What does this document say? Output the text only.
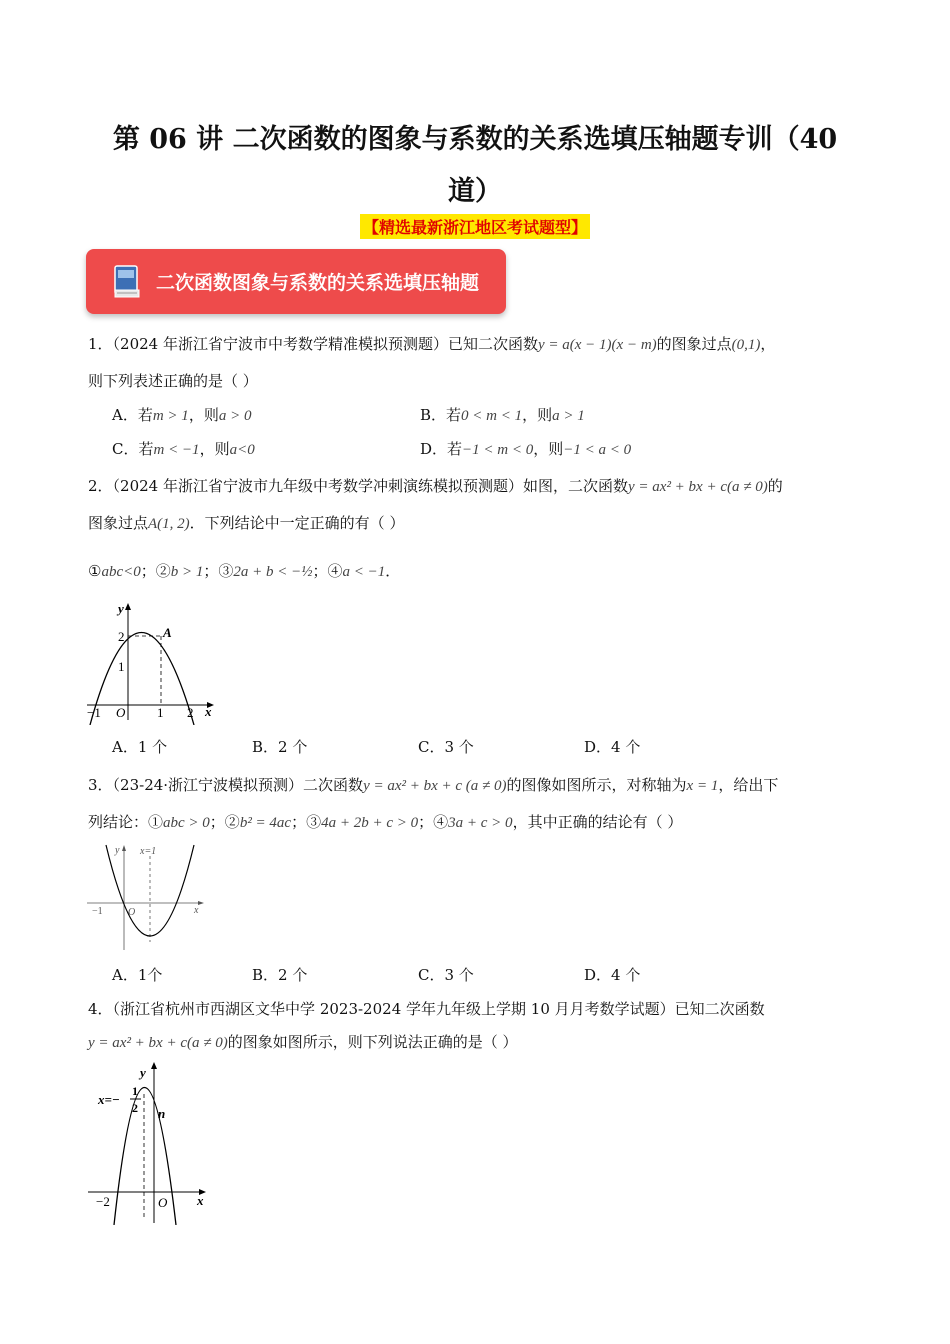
第 06 讲 二次函数的图象与系数的关系选填压轴题专训（40
道）
【精选最新浙江地区考试题型】
二次函数图象与系数的关系选填压轴题
1．（2024 年浙江省宁波市中考数学精准模拟预测题）已知二次函数y = a(x − 1)(x − m)的图象过点(0,1)，
则下列表述正确的是（ ）
A．若m > 1，则a > 0	B．若0 < m < 1，则a > 1
C．若m < −1，则a<0	D．若−1 < m < 0，则−1 < a < 0
2．（2024 年浙江省宁波市九年级中考数学冲刺演练模拟预测题）如图，二次函数y = ax² + bx + c(a ≠ 0)的
图象过点A(1, 2)．下列结论中一定正确的有（ ）
①abc<0；②b > 1；③2a + b < −½；④a < −1．
y
x
O
A
2
1
−1	1 2
A．1 个	B．2 个	C．3 个	D．4 个
3．（23-24·浙江宁波模拟预测）二次函数y = ax² + bx + c (a ≠ 0)的图像如图所示，对称轴为x = 1，给出下
列结论：①abc > 0；②b² = 4ac；③4a + 2b + c > 0；④3a + c > 0，其中正确的结论有（ ）
y x=1
x
O
−1
A．1个	B．2 个	C．3 个	D．4 个
4．（浙江省杭州市西湖区文华中学 2023-2024 学年九年级上学期 10 月月考数学试题）已知二次函数
y = ax² + bx + c(a ≠ 0)的图象如图所示，则下列说法正确的是（ ）
y
x=−
1
2 n
x
O
−2
